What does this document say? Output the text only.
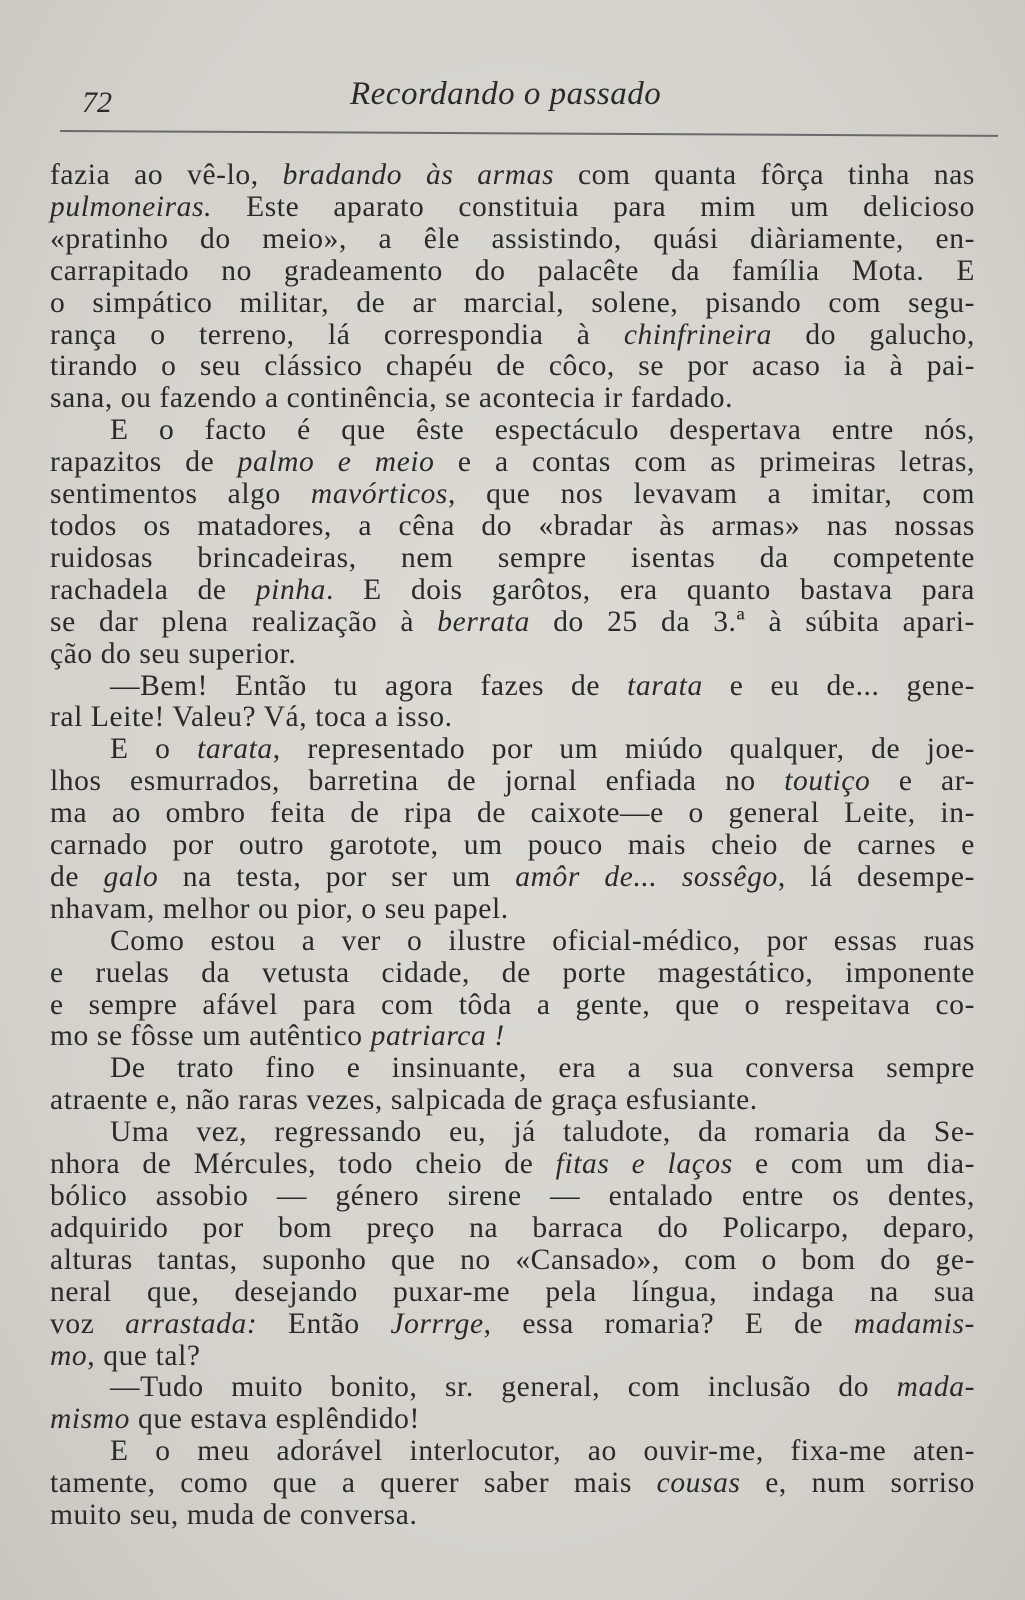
72	Recordando o passado
fazia ao vê-lo, bradando às armas com quanta fôrça tinha nas
pulmoneiras. Este aparato constituia para mim um delicioso
«pratinho do meio», a êle assistindo, quási diàriamente, en-
carrapitado no gradeamento do palacête da família Mota. E
o simpático militar, de ar marcial, solene, pisando com segu-
rança o terreno, lá correspondia à chinfrineira do galucho,
tirando o seu clássico chapéu de côco, se por acaso ia à pai-
sana, ou fazendo a continência, se acontecia ir fardado.
E o facto é que êste espectáculo despertava entre nós,
rapazitos de palmo e meio e a contas com as primeiras letras,
sentimentos algo mavórticos, que nos levavam a imitar, com
todos os matadores, a cêna do «bradar às armas» nas nossas
ruidosas brincadeiras, nem sempre isentas da competente
rachadela de pinha. E dois garôtos, era quanto bastava para
se dar plena realização à berrata do 25 da 3.ª à súbita apari-
ção do seu superior.
—Bem! Então tu agora fazes de tarata e eu de... gene-
ral Leite! Valeu? Vá, toca a isso.
E o tarata, representado por um miúdo qualquer, de joe-
lhos esmurrados, barretina de jornal enfiada no toutiço e ar-
ma ao ombro feita de ripa de caixote—e o general Leite, in-
carnado por outro garotote, um pouco mais cheio de carnes e
de galo na testa, por ser um amôr de... sossêgo, lá desempe-
nhavam, melhor ou pior, o seu papel.
Como estou a ver o ilustre oficial-médico, por essas ruas
e ruelas da vetusta cidade, de porte magestático, imponente
e sempre afável para com tôda a gente, que o respeitava co-
mo se fôsse um autêntico patriarca !
De trato fino e insinuante, era a sua conversa sempre
atraente e, não raras vezes, salpicada de graça esfusiante.
Uma vez, regressando eu, já taludote, da romaria da Se-
nhora de Mércules, todo cheio de fitas e laços e com um dia-
bólico assobio — género sirene — entalado entre os dentes,
adquirido por bom preço na barraca do Policarpo, deparo,
alturas tantas, suponho que no «Cansado», com o bom do ge-
neral que, desejando puxar-me pela língua, indaga na sua
voz arrastada: Então Jorrrge, essa romaria? E de madamis-
mo, que tal?
—Tudo muito bonito, sr. general, com inclusão do mada-
mismo que estava esplêndido!
E o meu adorável interlocutor, ao ouvir-me, fixa-me aten-
tamente, como que a querer saber mais cousas e, num sorriso
muito seu, muda de conversa.
